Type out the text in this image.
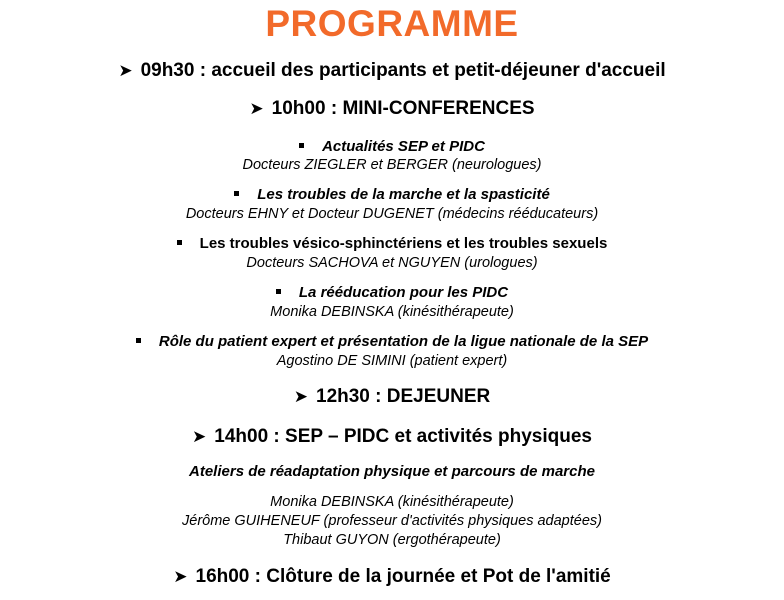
PROGRAMME
➤ 09h30 : accueil des participants et petit-déjeuner d'accueil
➤ 10h00 : MINI-CONFERENCES
Actualités SEP et PIDC
Docteurs ZIEGLER et BERGER (neurologues)
Les troubles de la marche et la spasticité
Docteurs EHNY et Docteur DUGENET (médecins rééducateurs)
Les troubles vésico-sphinctériens et les troubles sexuels
Docteurs SACHOVA et NGUYEN (urologues)
La rééducation pour les PIDC
Monika DEBINSKA (kinésithérapeute)
Rôle du patient expert et présentation de la ligue nationale de la SEP
Agostino DE SIMINI (patient expert)
➤ 12h30 : DEJEUNER
➤ 14h00 : SEP – PIDC et activités physiques
Ateliers de réadaptation physique et parcours de marche
Monika DEBINSKA (kinésithérapeute)
Jérôme GUIHENEUF (professeur d'activités physiques adaptées)
Thibaut GUYON (ergothérapeute)
➤ 16h00 : Clôture de la journée et Pot de l'amitié
